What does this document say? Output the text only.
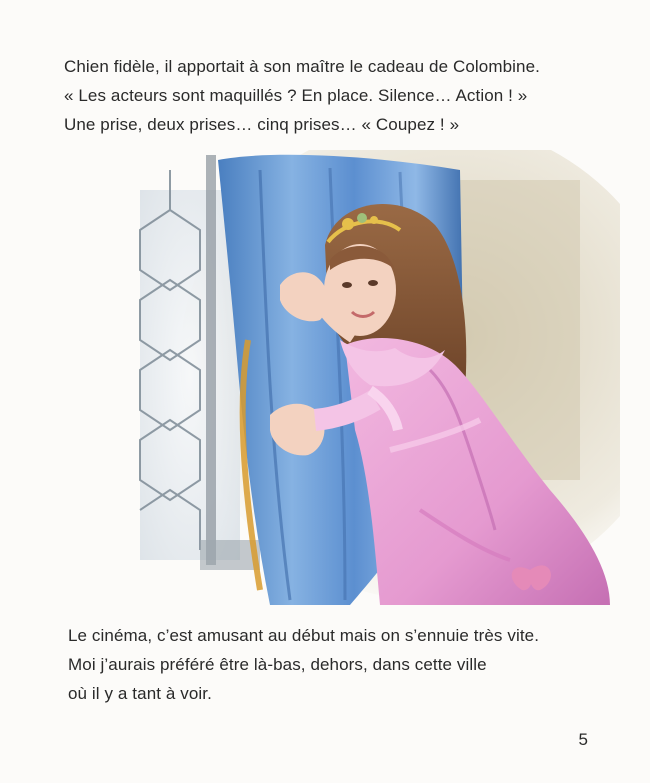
Chien fidèle, il apportait à son maître le cadeau de Colombine.
« Les acteurs sont maquillés ? En place. Silence… Action ! »
Une prise, deux prises… cinq prises… « Coupez ! »
Le cinéma, c’est amusant au début mais on s’ennuie très vite.
Moi j’aurais préféré être là-bas, dehors, dans cette ville
où il y a tant à voir.
5
